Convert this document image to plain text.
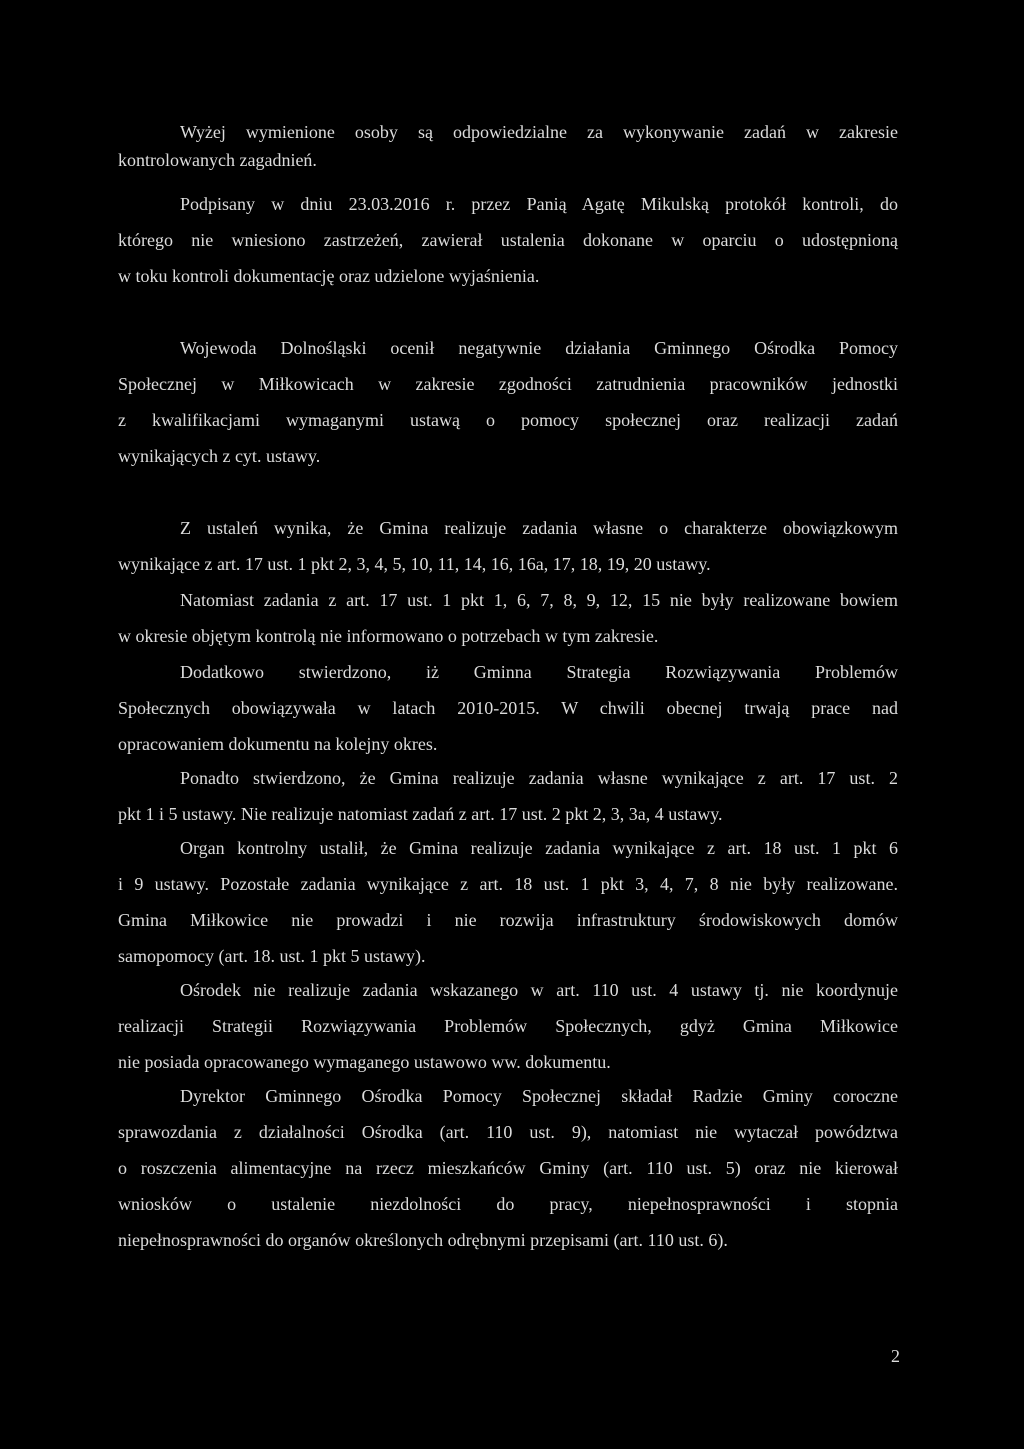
Wyżej wymienione osoby są odpowiedzialne za wykonywanie zadań w zakresie
kontrolowanych zagadnień.
Podpisany w dniu 23.03.2016 r. przez Panią Agatę Mikulską protokół kontroli, do
którego nie wniesiono zastrzeżeń, zawierał ustalenia dokonane w oparciu o udostępnioną
w toku kontroli dokumentację oraz udzielone wyjaśnienia.
Wojewoda Dolnośląski ocenił negatywnie działania Gminnego Ośrodka Pomocy
Społecznej w Miłkowicach w zakresie zgodności zatrudnienia pracowników jednostki
z kwalifikacjami wymaganymi ustawą o pomocy społecznej oraz realizacji zadań
wynikających z cyt. ustawy.
Z ustaleń wynika, że Gmina realizuje zadania własne o charakterze obowiązkowym
wynikające z art. 17 ust. 1 pkt 2, 3, 4, 5, 10, 11, 14, 16, 16a, 17, 18, 19, 20 ustawy.
Natomiast zadania z art. 17 ust. 1 pkt 1, 6, 7, 8, 9, 12, 15 nie były realizowane bowiem
w okresie objętym kontrolą nie informowano o potrzebach w tym zakresie.
Dodatkowo stwierdzono, iż Gminna Strategia Rozwiązywania Problemów
Społecznych obowiązywała w latach 2010-2015. W chwili obecnej trwają prace nad
opracowaniem dokumentu na kolejny okres.
Ponadto stwierdzono, że Gmina realizuje zadania własne wynikające z art. 17 ust. 2
pkt 1 i 5 ustawy. Nie realizuje natomiast zadań z art. 17 ust. 2 pkt 2, 3, 3a, 4 ustawy.
Organ kontrolny ustalił, że Gmina realizuje zadania wynikające z art. 18 ust. 1 pkt 6
i 9 ustawy. Pozostałe zadania wynikające z art. 18 ust. 1 pkt 3, 4, 7, 8 nie były realizowane.
Gmina Miłkowice nie prowadzi i nie rozwija infrastruktury środowiskowych domów
samopomocy (art. 18. ust. 1 pkt 5 ustawy).
Ośrodek nie realizuje zadania wskazanego w art. 110 ust. 4 ustawy tj. nie koordynuje
realizacji Strategii Rozwiązywania Problemów Społecznych, gdyż Gmina Miłkowice
nie posiada opracowanego wymaganego ustawowo ww. dokumentu.
Dyrektor Gminnego Ośrodka Pomocy Społecznej składał Radzie Gminy coroczne
sprawozdania z działalności Ośrodka (art. 110 ust. 9), natomiast nie wytaczał powództwa
o roszczenia alimentacyjne na rzecz mieszkańców Gminy (art. 110 ust. 5) oraz nie kierował
wniosków o ustalenie niezdolności do pracy, niepełnosprawności i stopnia
niepełnosprawności do organów określonych odrębnymi przepisami (art. 110 ust. 6).
2
